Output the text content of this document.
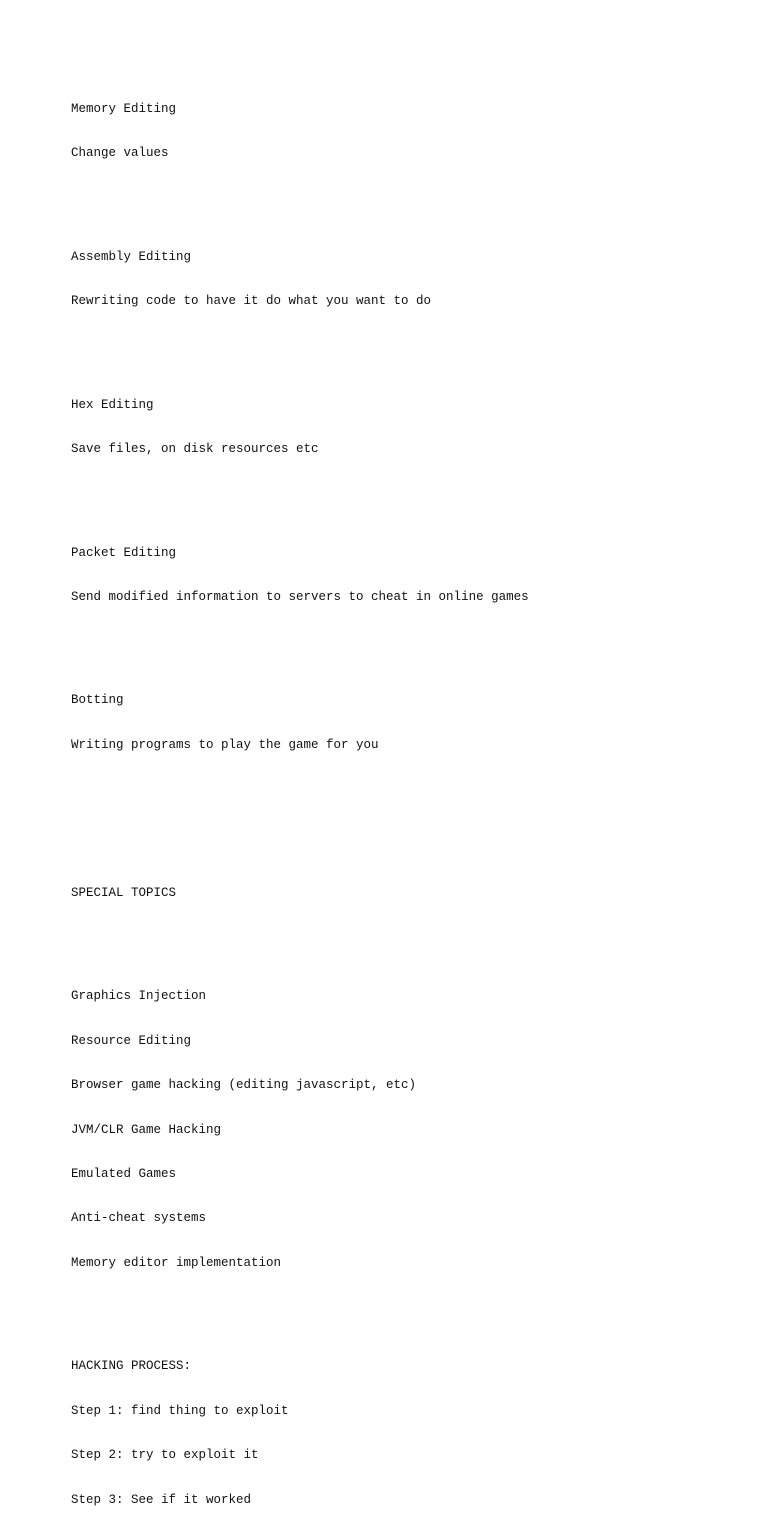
Memory Editing

Change values

Assembly Editing

Rewriting code to have it do what you want to do

Hex Editing

Save files, on disk resources etc

Packet Editing

Send modified information to servers to cheat in online games

Botting

Writing programs to play the game for you

SPECIAL TOPICS

Graphics Injection

Resource Editing

Browser game hacking (editing javascript, etc)

JVM/CLR Game Hacking

Emulated Games

Anti-cheat systems

Memory editor implementation

HACKING PROCESS:

Step 1: find thing to exploit

Step 2: try to exploit it

Step 3: See if it worked
